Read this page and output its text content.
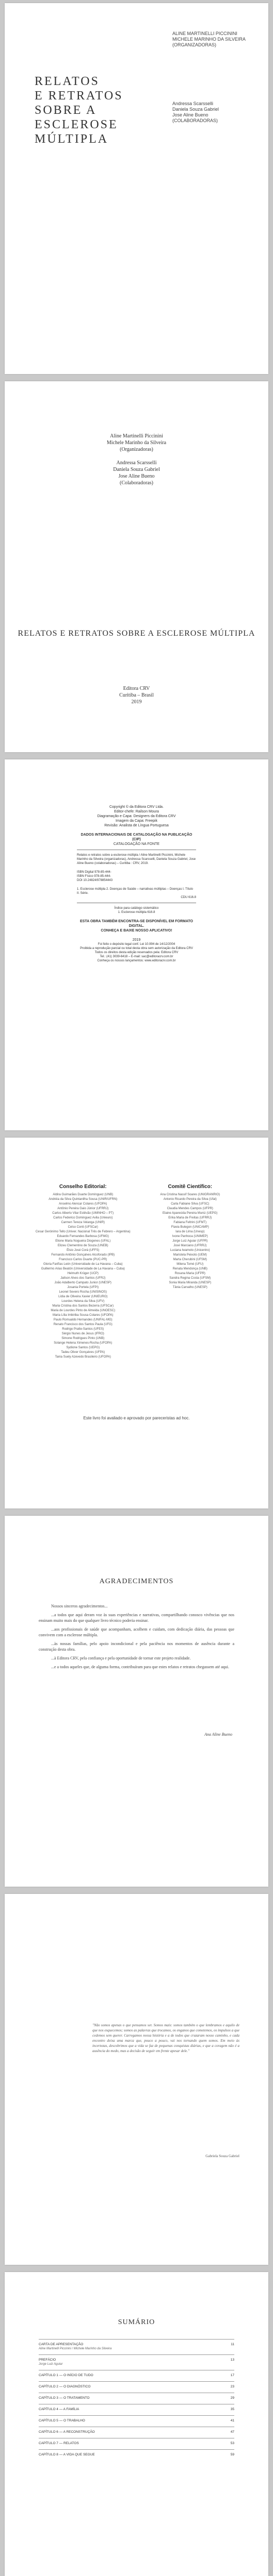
ALINE MARTINELLI PICCININI
MICHELE MARINHO DA SILVEIRA
(ORGANIZADORAS)
RELATOS
E RETRATOS
SOBRE A
ESCLEROSE
MÚLTIPLA
Andressa Scarsselli
Daniela Souza Gabriel
Jose Aline Bueno
(COLABORADORAS)
Aline Martinelli Piccinini
Michele Marinho da Silveira
(Organizadoras)
Andressa Scarsselli
Daniela Souza Gabriel
Jose Aline Bueno
(Colaboradoras)
RELATOS E RETRATOS SOBRE A ESCLEROSE MÚLTIPLA
Editora CRV
Curitiba – Brasil
2019
Copyright © da Editora CRV Ltda.
Editor-chefe: Railson Moura
Diagramação e Capa: Designers da Editora CRV
Imagem da Capa: Freepik
Revisão: Analista de Língua Portuguesa
DADOS INTERNACIONAIS DE CATALOGAÇÃO NA PUBLICAÇÃO (CIP)
CATALOGAÇÃO NA FONTE
Relatos e retratos sobre a esclerose múltipla / Aline Martinelli Piccinini, Michele Marinho da Silveira (organizadoras), Andressa Scarsselli, Daniela Souza Gabriel, Jose Aline Bueno (colaboradoras) – Curitiba : CRV, 2019.
ISBN Digital 978-85-444-
ISBN Físico 978-85-444-
DOI 10.24824/978854443
1. Esclerose múltipla 2. Doenças de Saúde – narrativas múltiplas – Doenças I. Título II. Série.
CDU 616.8
Índice para catálogo sistemático
1. Esclerose múltipla 616.8
ESTA OBRA TAMBÉM ENCONTRA-SE DISPONÍVEL EM FORMATO DIGITAL.
CONHEÇA E BAIXE NOSSO APLICATIVO!
2019
Foi feito o depósito legal conf. Lei 10.994 de 14/12/2004
Proibida a reprodução parcial ou total desta obra sem autorização da Editora CRV
Todos os direitos desta edição reservados pela: Editora CRV
Tel.: (41) 3039-6418 – E-mail: sac@editoracrv.com.br
Conheça os nossos lançamentos: www.editoracrv.com.br
Conselho Editorial:
Aldira Guimarães Duarte Domínguez (UNB)
Andréia da Silva Quintanilha Sousa (UNIR/UFRN)
Anselmo Alencar Colares (UFOPA)
Antônio Pereira Gaio Júnior (UFRRJ)
Carlos Alberto Vilar Estêvão (UMINHO – PT)
Carlos Federico Dominguez Avila (Unieuro)
Carmen Tereza Velanga (UNIR)
Celso Conti (UFSCar)
Cesar Gerónimo Tello (Univer. Nacional Três de Febrero – Argentina)
Eduardo Fernandes Barbosa (UFMG)
Elione Maria Nogueira Diogenes (UFAL)
Elizeu Clementino de Souza (UNEB)
Élsio José Corá (UFFS)
Fernando Antônio Gonçalves Alcoforado (IPB)
Francisco Carlos Duarte (PUC-PR)
Gloria Fariñas León (Universidade de La Havana – Cuba)
Guillermo Arias Beatón (Universidade de La Havana – Cuba)
Helmuth Krüger (UCP)
Jailson Alves dos Santos (UFRJ)
João Adalberto Campato Junior (UNESP)
Josania Portela (UFPI)
Leonel Severo Rocha (UNISINOS)
Lídia de Oliveira Xavier (UNIEURO)
Lourdes Helena da Silva (UFV)
Maria Cristina dos Santos Bezerra (UFSCar)
Maria de Lourdes Pinto de Almeida (UNOESC)
Maria Lília Imbiriba Sousa Colares (UFOPA)
Paulo Romualdo Hernandes (UNIFAL-MG)
Renato Francisco dos Santos Paula (UFG)
Rodrigo Pratte-Santos (UFES)
Sérgio Nunes de Jesus (IFRO)
Simone Rodrigues Pinto (UNB)
Solange Helena Ximenes-Rocha (UFOPA)
Sydione Santos (UEPG)
Tadeu Oliver Gonçalves (UFPA)
Tania Suely Azevedo Brasileiro (UFOPA)
Comitê Científico:
Ana Cristina Nassif Soares (UNIGRANRIO)
Antonio Ricardo Pereira da Silva (Ufal)
Carla Fabiane Silva (UFSC)
Claudia Mendes Campos (UFPR)
Elaine Aparecida Pereira Muniz (UEPG)
Erika Maria de Freitas (UFRRJ)
Fabiana Feltrini (UFMT)
Flavia Bulegon (UNICAMP)
Iara de Lima (Unesp)
Ivone Panhoca (UNIMEP)
Jorge Luiz Aguiar (UFPR)
José Marciano (UFRRJ)
Luciana Iwamoto (Unicentro)
Maristela Peixoto (UEM)
Marta Cherubini (UFSM)
Milena Tomé (UFU)
Renata Mendonça (UNB)
Rosana Maria (UFPR)
Sandra Regina Costa (UFSM)
Sonia Maria Miranda (UNESP)
Tânia Carvalho (UNESP)
Este livro foi avaliado e aprovado por pareceristas ad hoc.
AGRADECIMENTOS

Nossos sinceros agradecimentos...

...a todos que aqui deram voz às suas experiências e narrativas, compartilhando conosco vivências que nos ensinam muito mais do que qualquer livro técnico poderia ensinar.

...aos profissionais de saúde que acompanham, acolhem e cuidam, com dedicação diária, das pessoas que convivem com a esclerose múltipla.

...às nossas famílias, pelo apoio incondicional e pela paciência nos momentos de ausência durante a construção desta obra.

...à Editora CRV, pela confiança e pela oportunidade de tornar este projeto realidade.

...e a todos aqueles que, de alguma forma, contribuíram para que estes relatos e retratos chegassem até aqui.

Ana Aline Bueno
"Não somos apenas o que pensamos ser. Somos mais: somos também o que lembramos e aquilo de que nos esquecemos; somos as palavras que trocamos, os enganos que cometemos, os impulsos a que cedemos sem querer. Carregamos nossa história e a de todos que cruzaram nosso caminho, e cada encontro deixa uma marca que, pouco a pouco, vai nos tornando quem somos. Em meio às incertezas, descobrimos que a vida se faz de pequenas conquistas diárias, e que a coragem não é a ausência do medo, mas a decisão de seguir em frente apesar dele."
Gabriela Souza Gabriel
SUMÁRIO
CARTA DE APRESENTAÇÃO	11
Aline Martinelli Piccinini / Michele Marinho da Silveira
PREFÁCIO	13
Jorge Luiz Aguiar
CAPÍTULO 1 — O INÍCIO DE TUDO	17
CAPÍTULO 2 — O DIAGNÓSTICO	23
CAPÍTULO 3 — O TRATAMENTO	29
CAPÍTULO 4 — A FAMÍLIA	35
CAPÍTULO 5 — O TRABALHO	41
CAPÍTULO 6 — A RECONSTRUÇÃO	47
CAPÍTULO 7 — RELATOS	53
CAPÍTULO 8 — A VIDA QUE SEGUE	59
